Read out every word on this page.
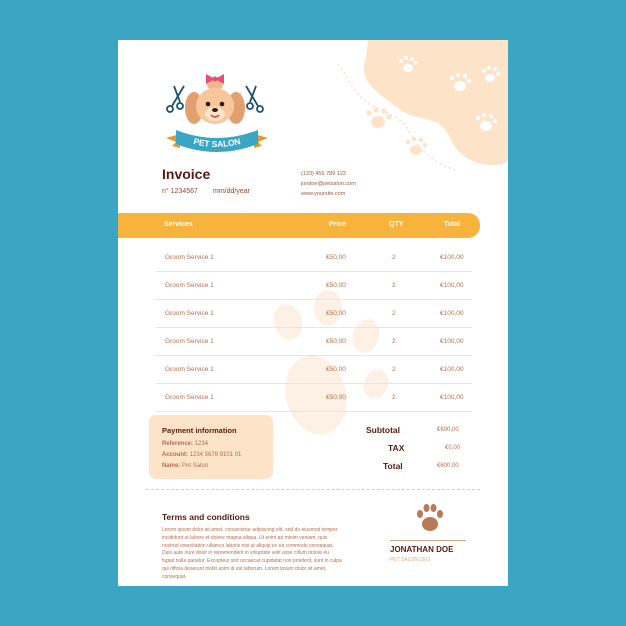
PET SALON
Invoice
n° 1234567 mm/dd/year
(123) 456 789 123
jondoe@petsalon.com
www.yoursite.com
Services	Price	QTY	Total
Groom Service 1	€50,00	2	€100,00
Groom Service 1	€50,00	2	€100,00
Groom Service 1	€50,00	2	€100,00
Groom Service 1	€50,00	2	€100,00
Groom Service 1	€50,00	2	€100,00
Groom Service 1	€50,00	2	€100,00
Payment information
Reference: 1234
Account: 1234 5678 9101 01
Name: Pet Salon
Subtotal	€600,00
TAX	€0,00
Total	€600,00
Terms and conditions
Lorem ipsum dolor sit amet, consectetur adipiscing elit, sed do eiusmod tempor incididunt ut labore et dolore magna aliqua. Ut enim ad minim veniam, quis nostrud exercitation ullamco laboris nisi ut aliquip ex ea commodo consequat. Duis aute irure dolor in reprehenderit in voluptate velit esse cillum dolore eu fugiat nulla pariatur. Excepteur sint occaecat cupidatat non proident, sunt in culpa qui officia deserunt mollit anim id est laborum. Lorem ipsum dolor sit amet, consequat.
JONATHAN DOE
PET SALON CEO
